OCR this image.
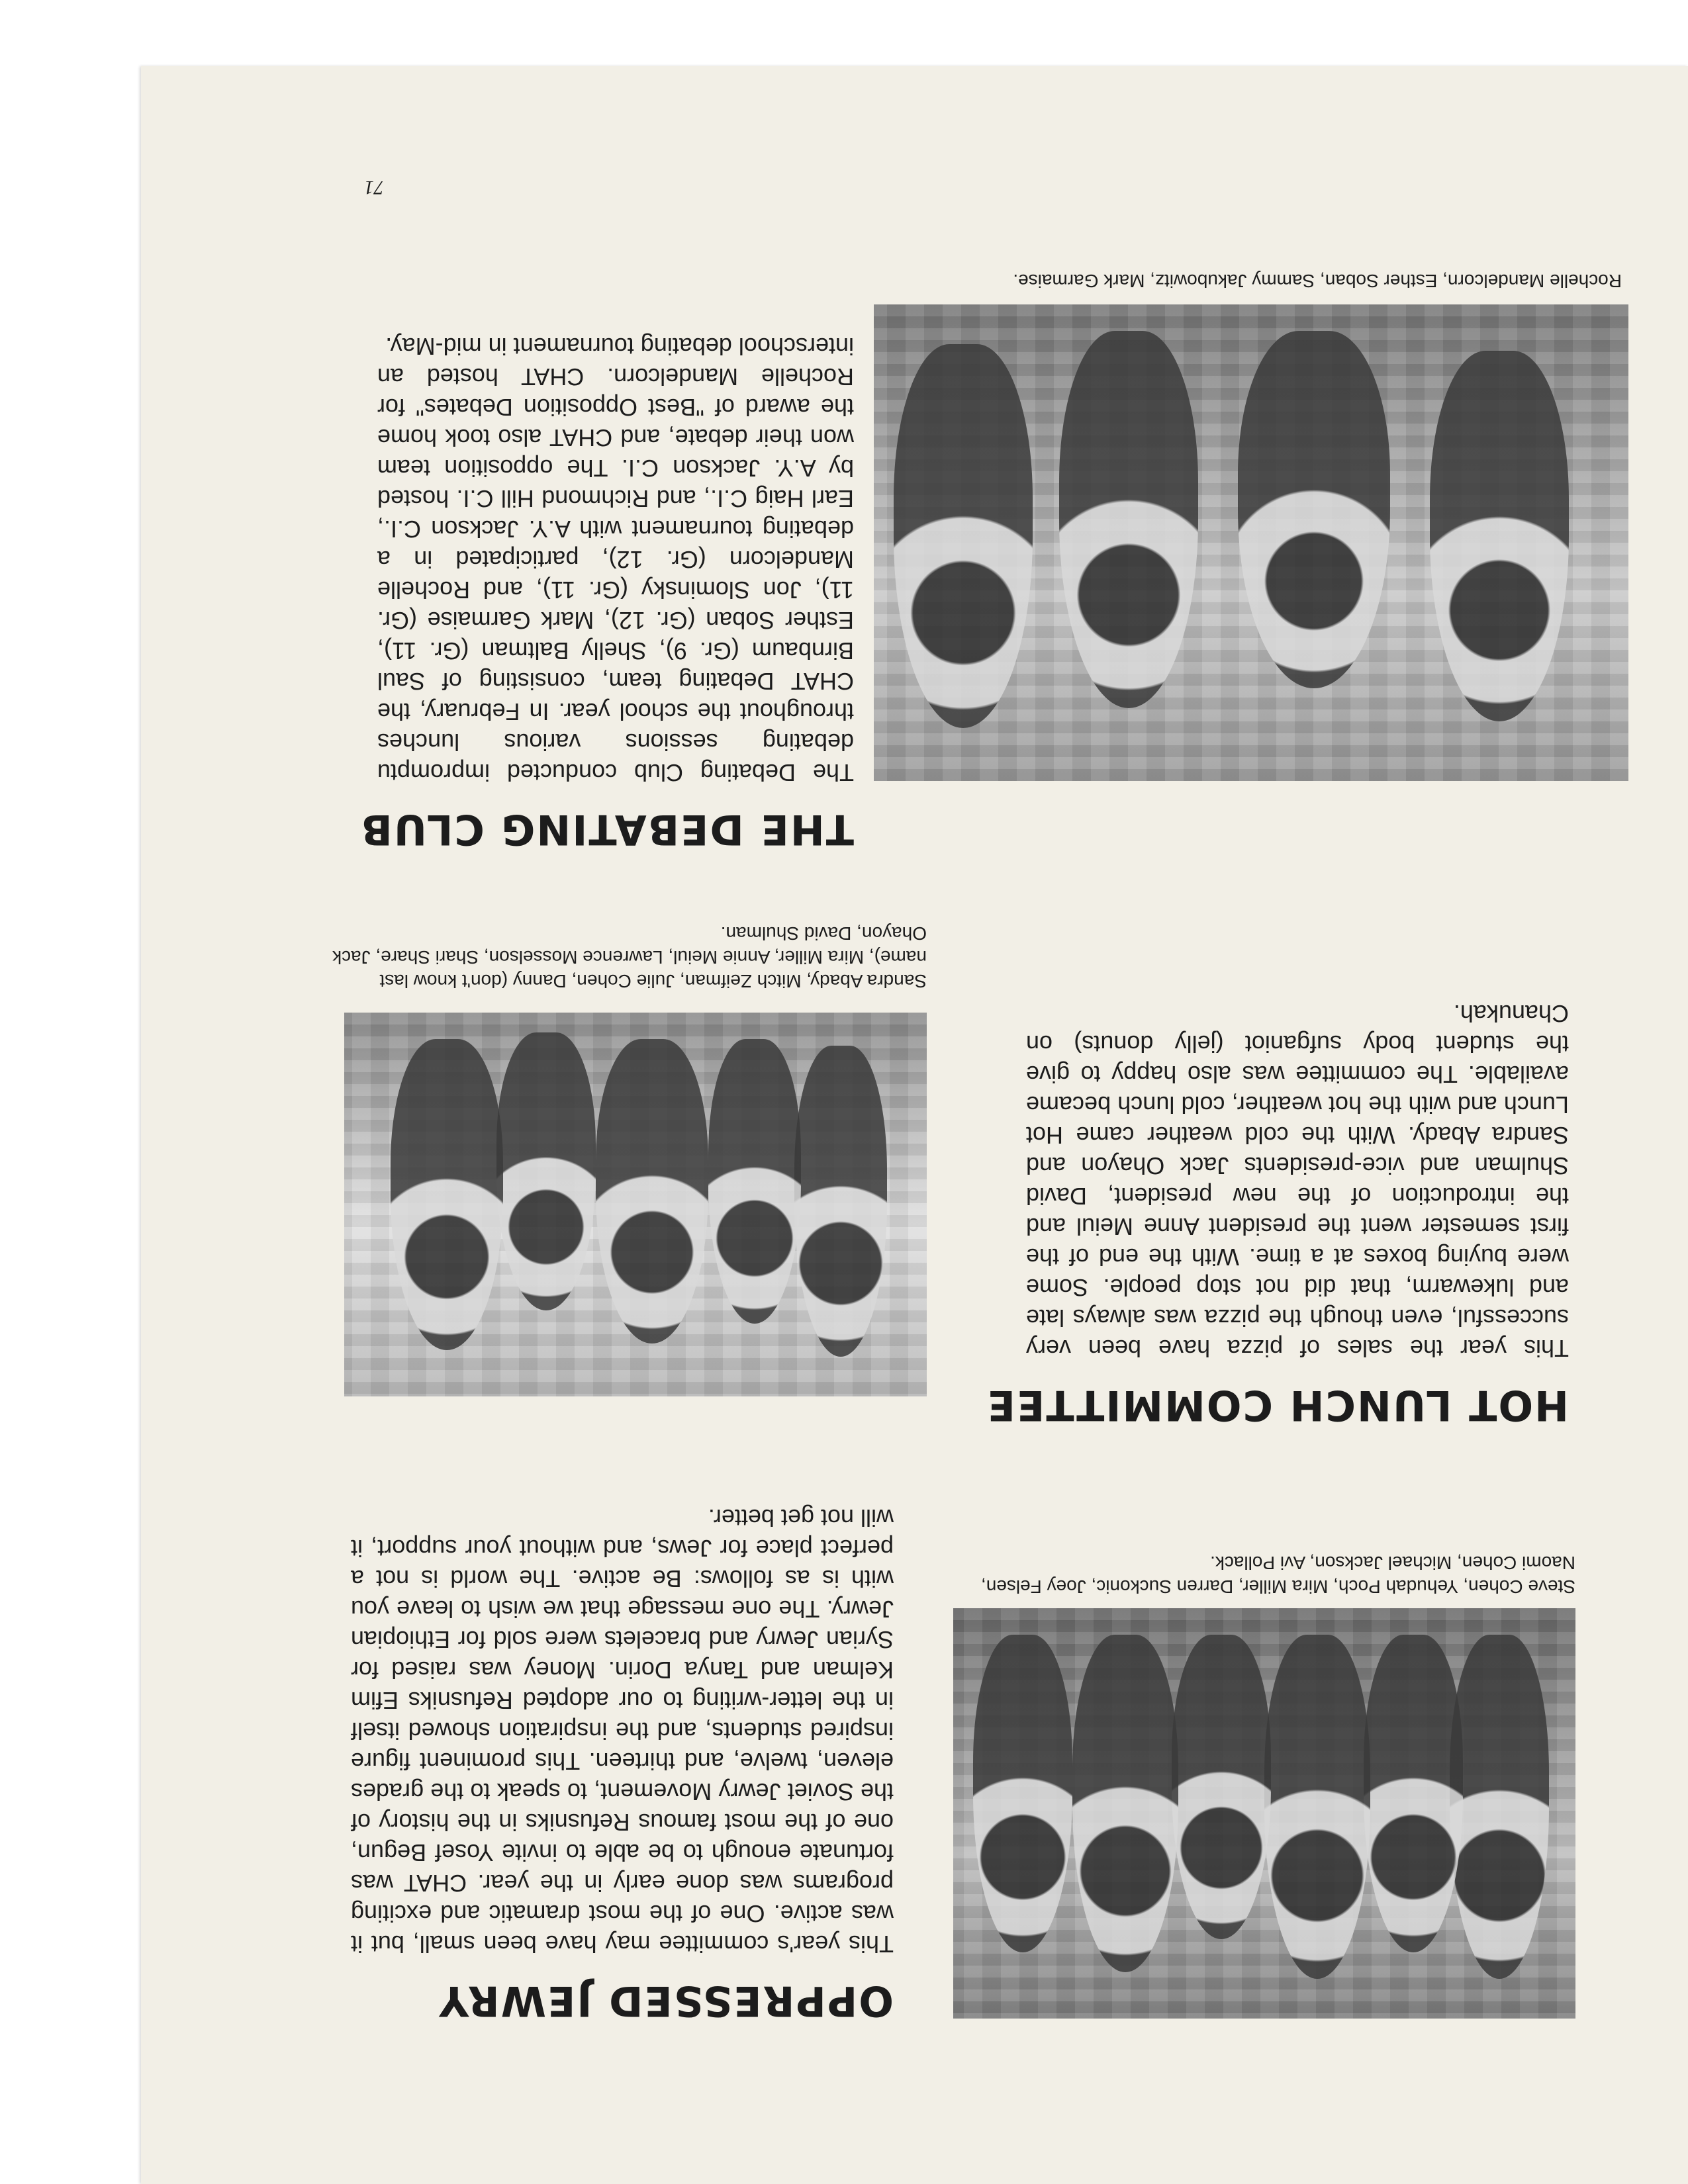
71
Rochelle Mandelcorn, Esther Soban, Sammy Jakubowitz, Mark Garmaise.
THE DEBATING CLUB
The Debating Club conducted impromptu debating sessions various lunches throughout the school year. In February, the CHAT Debating team, consisting of Saul Birnbaum (Gr. 9), Shelly Baltman (Gr. 11), Esther Soban (Gr. 12), Mark Garmaise (Gr. 11), Jon Slominsky (Gr. 11), and Rochelle Mandelcorn (Gr. 12), participated in a debating tournament with A.Y. Jackson C.I., Earl Haig C.I., and Richmond Hill C.I. hosted by A.Y. Jackson C.I. The opposition team won their debate, and CHAT also took home the award of "Best Opposition Debates" for Rochelle Mandelcorn. CHAT hosted an interschool debating tournament in mid-May.
Sandra Abady, Mitch Zeifman, Julie Cohen, Danny (don't know last name), Mira Miller, Annie Meiul, Lawrence Mosselson, Shari Share, Jack Ohayon, David Shulman.
HOT LUNCH COMMITTEE
This year the sales of pizza have been very successful, even though the pizza was always late and lukewarm, that did not stop people. Some were buying boxes at a time. With the end of the first semester went the president Anne Meiul and the introduction of the new president, David Shulman and vice-presidents Jack Ohayon and Sandra Abady. With the cold weather came Hot Lunch and with the hot weather, cold lunch became available. The committee was also happy to give the student body sufganiot (jelly donuts) on Chanukah.
Steve Cohen, Yehudah Poch, Mira Miller, Darren Suckonic, Joey Felsen, Naomi Cohen, Michael Jackson, Avi Pollack.
OPPRESSED JEWRY
This year's committee may have been small, but it was active. One of the most dramatic and exciting programs was done early in the year. CHAT was fortunate enough to be able to invite Yosef Begun, one of the most famous Refusniks in the history of the Soviet Jewry Movement, to speak to the grades eleven, twelve, and thirteen. This prominent figure inspired students, and the inspiration showed itself in the letter-writing to our adopted Refusniks Efim Kelman and Tanya Dorin. Money was raised for Syrian Jewry and bracelets were sold for Ethiopian Jewry. The one message that we wish to leave you with is as follows: Be active. The world is not a perfect place for Jews, and without your support, it will not get better.
